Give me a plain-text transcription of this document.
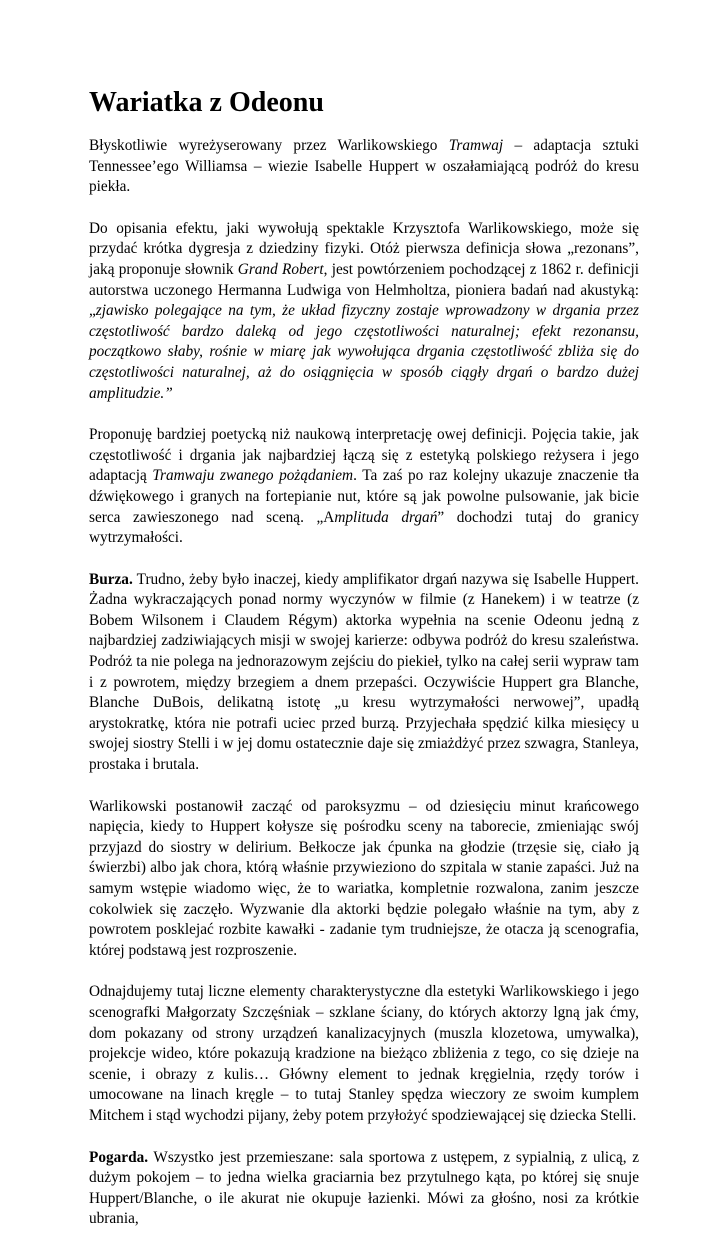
Wariatka z Odeonu

Błyskotliwie wyreżyserowany przez Warlikowskiego Tramwaj – adaptacja sztuki Tennessee’ego Williamsa – wiezie Isabelle Huppert w oszałamiającą podróż do kresu piekła.

Do opisania efektu, jaki wywołują spektakle Krzysztofa Warlikowskiego, może się przydać krótka dygresja z dziedziny fizyki. Otóż pierwsza definicja słowa „rezonans”, jaką proponuje słownik Grand Robert, jest powtórzeniem pochodzącej z 1862 r. definicji autorstwa uczonego Hermanna Ludwiga von Helmholtza, pioniera badań nad akustyką: „zjawisko polegające na tym, że układ fizyczny zostaje wprowadzony w drgania przez częstotliwość bardzo daleką od jego częstotliwości naturalnej; efekt rezonansu, początkowo słaby, rośnie w miarę jak wywołująca drgania częstotliwość zbliża się do częstotliwości naturalnej, aż do osiągnięcia w sposób ciągły drgań o bardzo dużej amplitudzie.”

Proponuję bardziej poetycką niż naukową interpretację owej definicji. Pojęcia takie, jak częstotliwość i drgania jak najbardziej łączą się z estetyką polskiego reżysera i jego adaptacją Tramwaju zwanego pożądaniem. Ta zaś po raz kolejny ukazuje znaczenie tła dźwiękowego i granych na fortepianie nut, które są jak powolne pulsowanie, jak bicie serca zawieszonego nad sceną. „Amplituda drgań” dochodzi tutaj do granicy wytrzymałości.

Burza. Trudno, żeby było inaczej, kiedy amplifikator drgań nazywa się Isabelle Huppert. Żadna wykraczających ponad normy wyczynów w filmie (z Hanekem) i w teatrze (z Bobem Wilsonem i Claudem Régym) aktorka wypełnia na scenie Odeonu jedną z najbardziej zadziwiających misji w swojej karierze: odbywa podróż do kresu szaleństwa. Podróż ta nie polega na jednorazowym zejściu do piekieł, tylko na całej serii wypraw tam i z powrotem, między brzegiem a dnem przepaści. Oczywiście Huppert gra Blanche, Blanche DuBois, delikatną istotę „u kresu wytrzymałości nerwowej”, upadłą arystokratkę, która nie potrafi uciec przed burzą. Przyjechała spędzić kilka miesięcy u swojej siostry Stelli i w jej domu ostatecznie daje się zmiażdżyć przez szwagra, Stanleya, prostaka i brutala.

Warlikowski postanowił zacząć od paroksyzmu – od dziesięciu minut krańcowego napięcia, kiedy to Huppert kołysze się pośrodku sceny na taborecie, zmieniając swój przyjazd do siostry w delirium. Bełkocze jak ćpunka na głodzie (trzęsie się, ciało ją świerzbi) albo jak chora, którą właśnie przywieziono do szpitala w stanie zapaści. Już na samym wstępie wiadomo więc, że to wariatka, kompletnie rozwalona, zanim jeszcze cokolwiek się zaczęło. Wyzwanie dla aktorki będzie polegało właśnie na tym, aby z powrotem posklejać rozbite kawałki - zadanie tym trudniejsze, że otacza ją scenografia, której podstawą jest rozproszenie.

Odnajdujemy tutaj liczne elementy charakterystyczne dla estetyki Warlikowskiego i jego scenografki Małgorzaty Szczęśniak – szklane ściany, do których aktorzy lgną jak ćmy, dom pokazany od strony urządzeń kanalizacyjnych (muszla klozetowa, umywalka), projekcje wideo, które pokazują kradzione na bieżąco zbliżenia z tego, co się dzieje na scenie, i obrazy z kulis… Główny element to jednak kręgielnia, rzędy torów i umocowane na linach kręgle – to tutaj Stanley spędza wieczory ze swoim kumplem Mitchem i stąd wychodzi pijany, żeby potem przyłożyć spodziewającej się dziecka Stelli.

Pogarda. Wszystko jest przemieszane: sala sportowa z ustępem, z sypialnią, z ulicą, z dużym pokojem – to jedna wielka graciarnia bez przytulnego kąta, po której się snuje Huppert/Blanche, o ile akurat nie okupuje łazienki. Mówi za głośno, nosi za krótkie ubrania,
